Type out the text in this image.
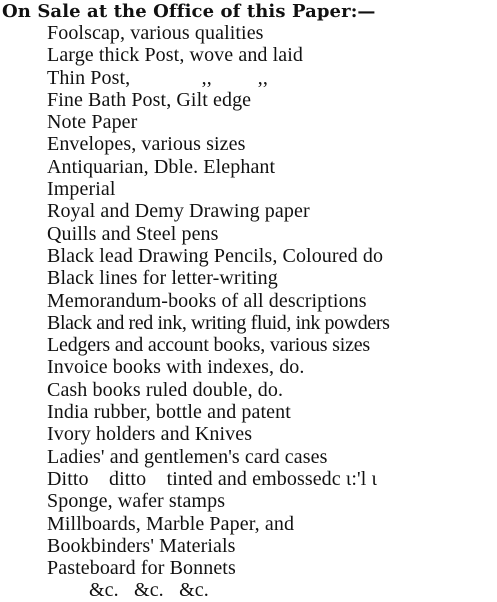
On Sale at the Office of this Paper:—
Foolscap, various qualities
Large thick Post, wove and laid
Thin Post,              ,,         ,,
Fine Bath Post, Gilt edge
Note Paper
Envelopes, various sizes
Antiquarian, Dble. Elephant
Imperial
Royal and Demy Drawing paper
Quills and Steel pens
Black lead Drawing Pencils, Coloured do
Black lines for letter-writing
Memorandum-books of all descriptions
Black and red ink, writing fluid, ink powders
Ledgers and account books, various sizes
Invoice books with indexes, do.
Cash books ruled double, do.
India rubber, bottle and patent
Ivory holders and Knives
Ladies' and gentlemen's card cases
Ditto    ditto    tinted and embossedc ι:'l ι
Sponge, wafer stamps
Millboards, Marble Paper, and
Bookbinders' Materials
Pasteboard for Bonnets
&c.   &c.   &c.
